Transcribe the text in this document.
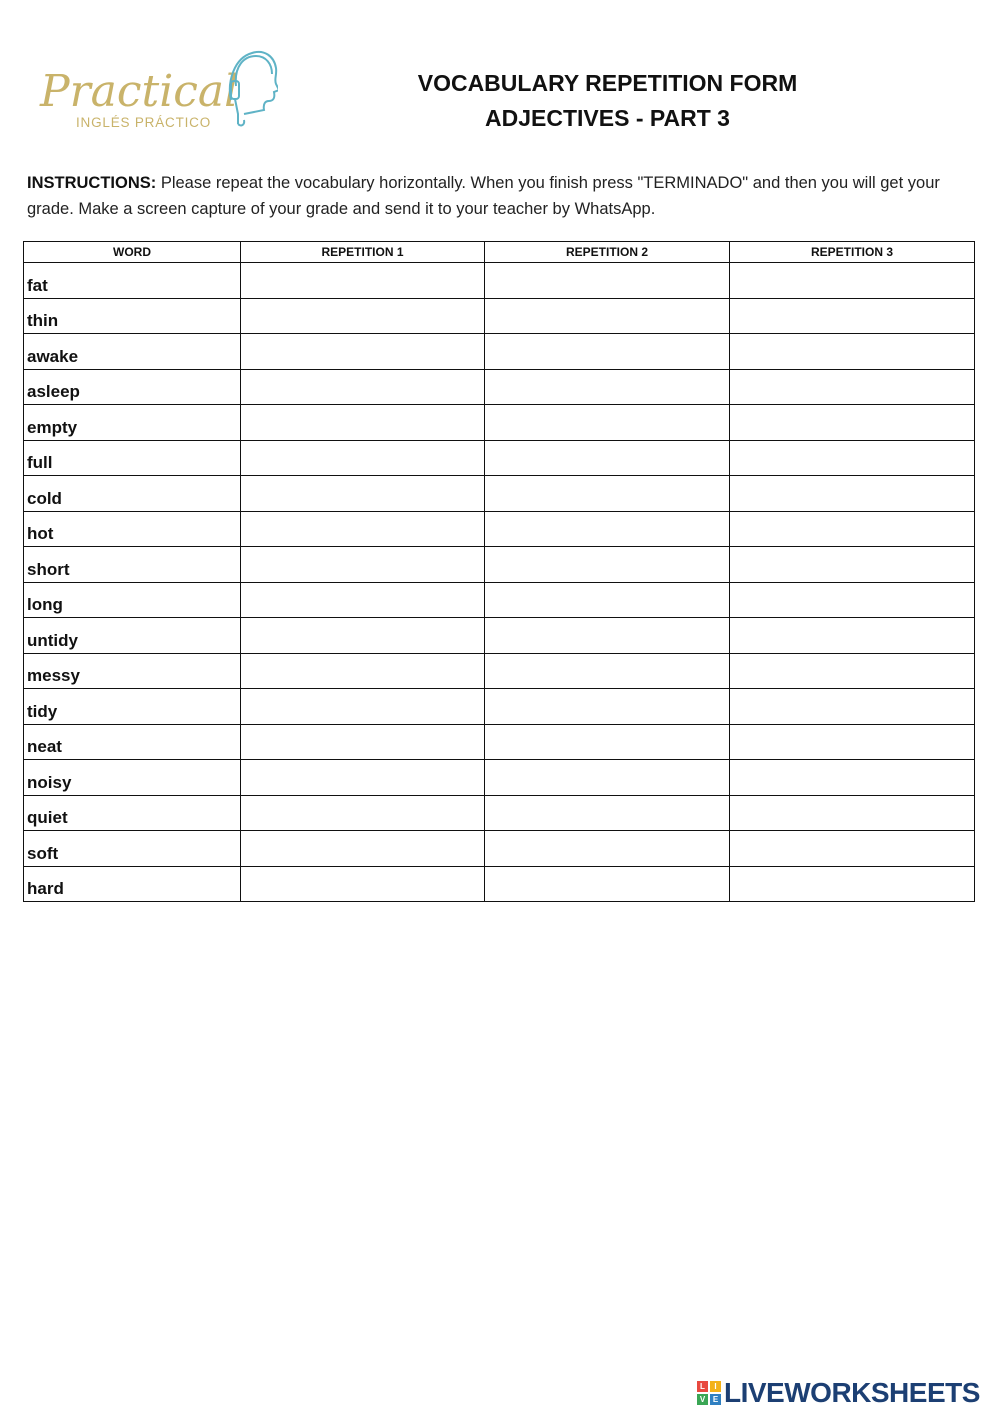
Practical
INGLÉS PRÁCTICO
VOCABULARY REPETITION FORM
ADJECTIVES - PART 3
INSTRUCTIONS: Please repeat the vocabulary horizontally. When you finish press "TERMINADO" and then you will get your grade. Make a screen capture of your grade and send it to your teacher by WhatsApp.
WORD	REPETITION 1	REPETITION 2	REPETITION 3
fat			
thin			
awake			
asleep			
empty			
full			
cold			
hot			
short			
long			
untidy			
messy			
tidy			
neat			
noisy			
quiet			
soft			
hard			
L	I
V E LIVEWORKSHEETS
